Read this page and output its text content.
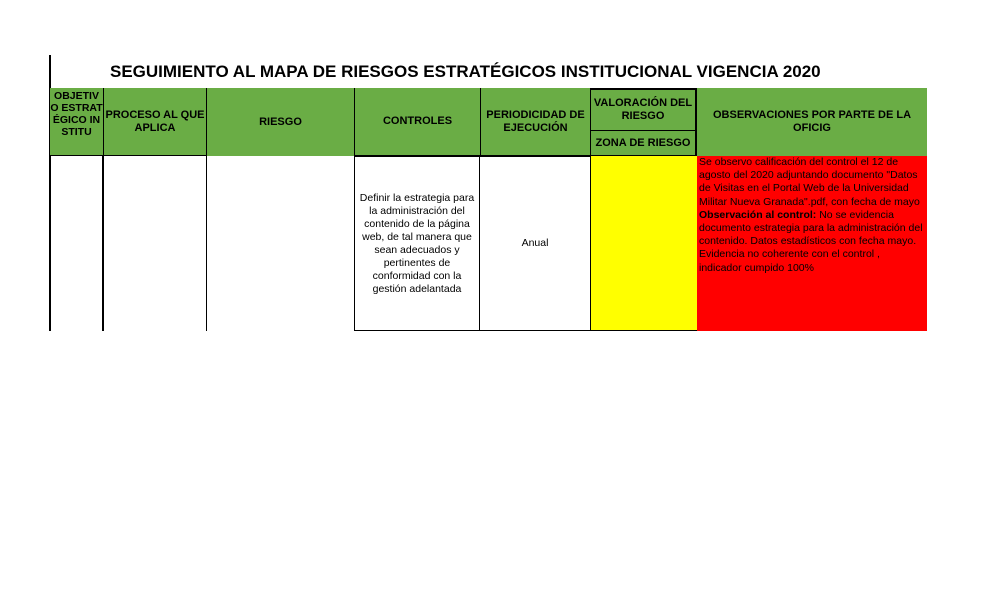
SEGUIMIENTO AL MAPA DE RIESGOS ESTRATÉGICOS INSTITUCIONAL VIGENCIA 2020
OBJETIVO ESTRATÉGICO INSTITU
PROCESO AL QUE APLICA	RIESGO	CONTROLES
PERIODICIDAD DE EJECUCIÓN
VALORACIÓN DEL RIESGO
ZONA DE RIESGO
OBSERVACIONES POR PARTE DE LA OFICIG
Definir la estrategia para la administración del contenido de la página web, de tal manera que sean adecuados y pertinentes de conformidad con la gestión adelantada
Anual

Se observo calificación del control el 12 de agosto del 2020 adjuntando documento "Datos de Visitas en el Portal Web de la Universidad Militar Nueva Granada".pdf, con fecha de mayo

Observación al control: No se evidencia documento estrategia para la administración del contenido. Datos estadísticos con fecha mayo.

Evidencia no coherente con el control , indicador cumpido 100%
